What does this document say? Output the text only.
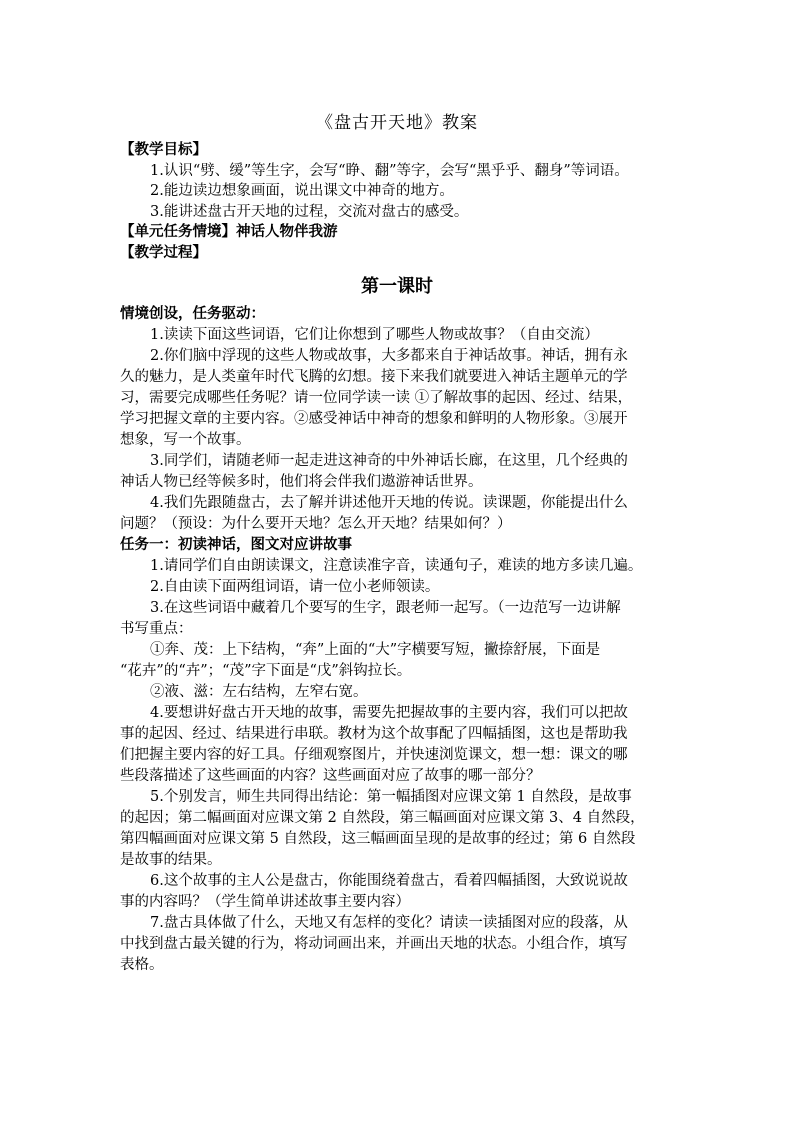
《盘古开天地》教案
【教学目标】
1.认识“劈、缓”等生字，会写“睁、翻”等字，会写“黑乎乎、翻身”等词语。
2.能边读边想象画面，说出课文中神奇的地方。
3.能讲述盘古开天地的过程，交流对盘古的感受。
【单元任务情境】神话人物伴我游
【教学过程】
第一课时
情境创设，任务驱动：
1.读读下面这些词语，它们让你想到了哪些人物或故事？（自由交流）
2.你们脑中浮现的这些人物或故事，大多都来自于神话故事。神话，拥有永
久的魅力，是人类童年时代飞腾的幻想。接下来我们就要进入神话主题单元的学
习，需要完成哪些任务呢？请一位同学读一读 ①了解故事的起因、经过、结果，
学习把握文章的主要内容。②感受神话中神奇的想象和鲜明的人物形象。③展开
想象，写一个故事。
3.同学们，请随老师一起走进这神奇的中外神话长廊，在这里，几个经典的
神话人物已经等候多时，他们将会伴我们遨游神话世界。
4.我们先跟随盘古，去了解并讲述他开天地的传说。读课题，你能提出什么
问题？（预设：为什么要开天地？怎么开天地？结果如何？）
任务一：初读神话，图文对应讲故事
1.请同学们自由朗读课文，注意读准字音，读通句子，难读的地方多读几遍。
2.自由读下面两组词语，请一位小老师领读。
3.在这些词语中藏着几个要写的生字，跟老师一起写。（一边范写一边讲解
书写重点：
①奔、茂：上下结构，“奔”上面的“大”字横要写短，撇捺舒展，下面是
“花卉”的“卉”；“茂”字下面是“戊”斜钩拉长。
②液、滋：左右结构，左窄右宽。
4.要想讲好盘古开天地的故事，需要先把握故事的主要内容，我们可以把故
事的起因、经过、结果进行串联。教材为这个故事配了四幅插图，这也是帮助我
们把握主要内容的好工具。仔细观察图片，并快速浏览课文，想一想：课文的哪
些段落描述了这些画面的内容？这些画面对应了故事的哪一部分？
5.个别发言，师生共同得出结论：第一幅插图对应课文第 1 自然段，是故事
的起因；第二幅画面对应课文第 2 自然段，第三幅画面对应课文第 3、4 自然段，
第四幅画面对应课文第 5 自然段，这三幅画面呈现的是故事的经过；第 6 自然段
是故事的结果。
6.这个故事的主人公是盘古，你能围绕着盘古，看着四幅插图，大致说说故
事的内容吗？（学生简单讲述故事主要内容）
7.盘古具体做了什么，天地又有怎样的变化？请读一读插图对应的段落，从
中找到盘古最关键的行为，将动词画出来，并画出天地的状态。小组合作，填写
表格。
